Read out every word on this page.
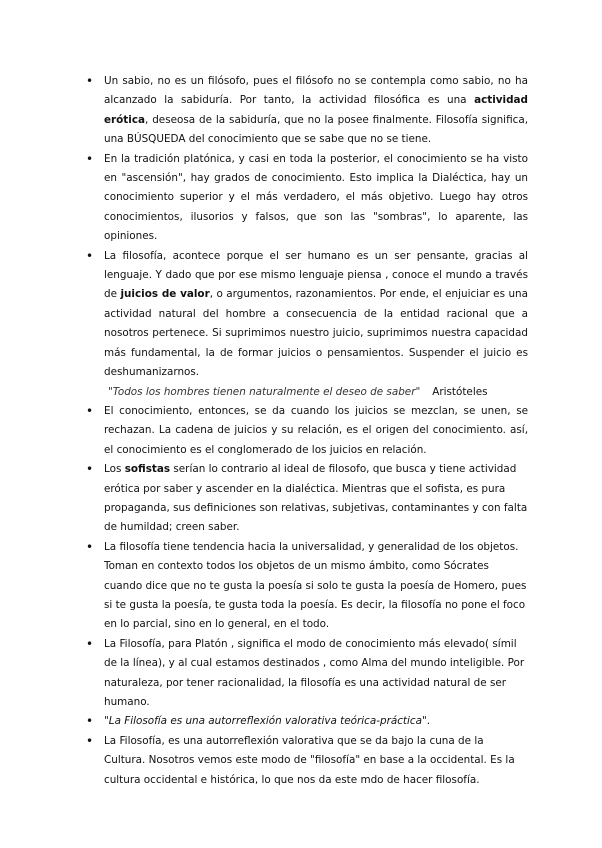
• Un sabio, no es un filósofo, pues el filósofo no se contempla como sabio, no ha alcanzado la sabiduría. Por tanto, la actividad filosófica es una actividad erótica, deseosa de la sabiduría, que no la posee finalmente. Filosofía significa, una BÚSQUEDA del conocimiento que se sabe que no se tiene.
• En la tradición platónica, y casi en toda la posterior, el conocimiento se ha visto en "ascensión", hay grados de conocimiento. Esto implica la Dialéctica, hay un conocimiento superior y el más verdadero, el más objetivo. Luego hay otros conocimientos, ilusorios y falsos, que son las "sombras", lo aparente, las opiniones.
• La filosofía, acontece porque el ser humano es un ser pensante, gracias al lenguaje. Y dado que por ese mismo lenguaje piensa , conoce el mundo a través de juicios de valor, o argumentos, razonamientos. Por ende, el enjuiciar es una actividad natural del hombre a consecuencia de la entidad racional que a nosotros pertenece. Si suprimimos nuestro juicio, suprimimos nuestra capacidad más fundamental, la de formar juicios o pensamientos. Suspender el juicio es deshumanizarnos.
"Todos los hombres tienen naturalmente el deseo de saber" Aristóteles
• El conocimiento, entonces, se da cuando los juicios se mezclan, se unen, se rechazan. La cadena de juicios y su relación, es el origen del conocimiento. así, el conocimiento es el conglomerado de los juicios en relación.
• Los sofistas serían lo contrario al ideal de filosofo, que busca y tiene actividad erótica por saber y ascender en la dialéctica. Mientras que el sofista, es pura propaganda, sus definiciones son relativas, subjetivas, contaminantes y con falta de humildad; creen saber.
• La filosofía tiene tendencia hacia la universalidad, y generalidad de los objetos. Toman en contexto todos los objetos de un mismo ámbito, como Sócrates cuando dice que no te gusta la poesía si solo te gusta la poesía de Homero, pues si te gusta la poesía, te gusta toda la poesía. Es decir, la filosofía no pone el foco en lo parcial, sino en lo general, en el todo.
• La Filosofía, para Platón , significa el modo de conocimiento más elevado( símil de la línea), y al cual estamos destinados , como Alma del mundo inteligible. Por naturaleza, por tener racionalidad, la filosofía es una actividad natural de ser humano.
• "La Filosofía es una autorreflexión valorativa teórica-práctica".
• La Filosofía, es una autorreflexión valorativa que se da bajo la cuna de la Cultura. Nosotros vemos este modo de "filosofía" en base a la occidental. Es la cultura occidental e histórica, lo que nos da este mdo de hacer filosofía.
